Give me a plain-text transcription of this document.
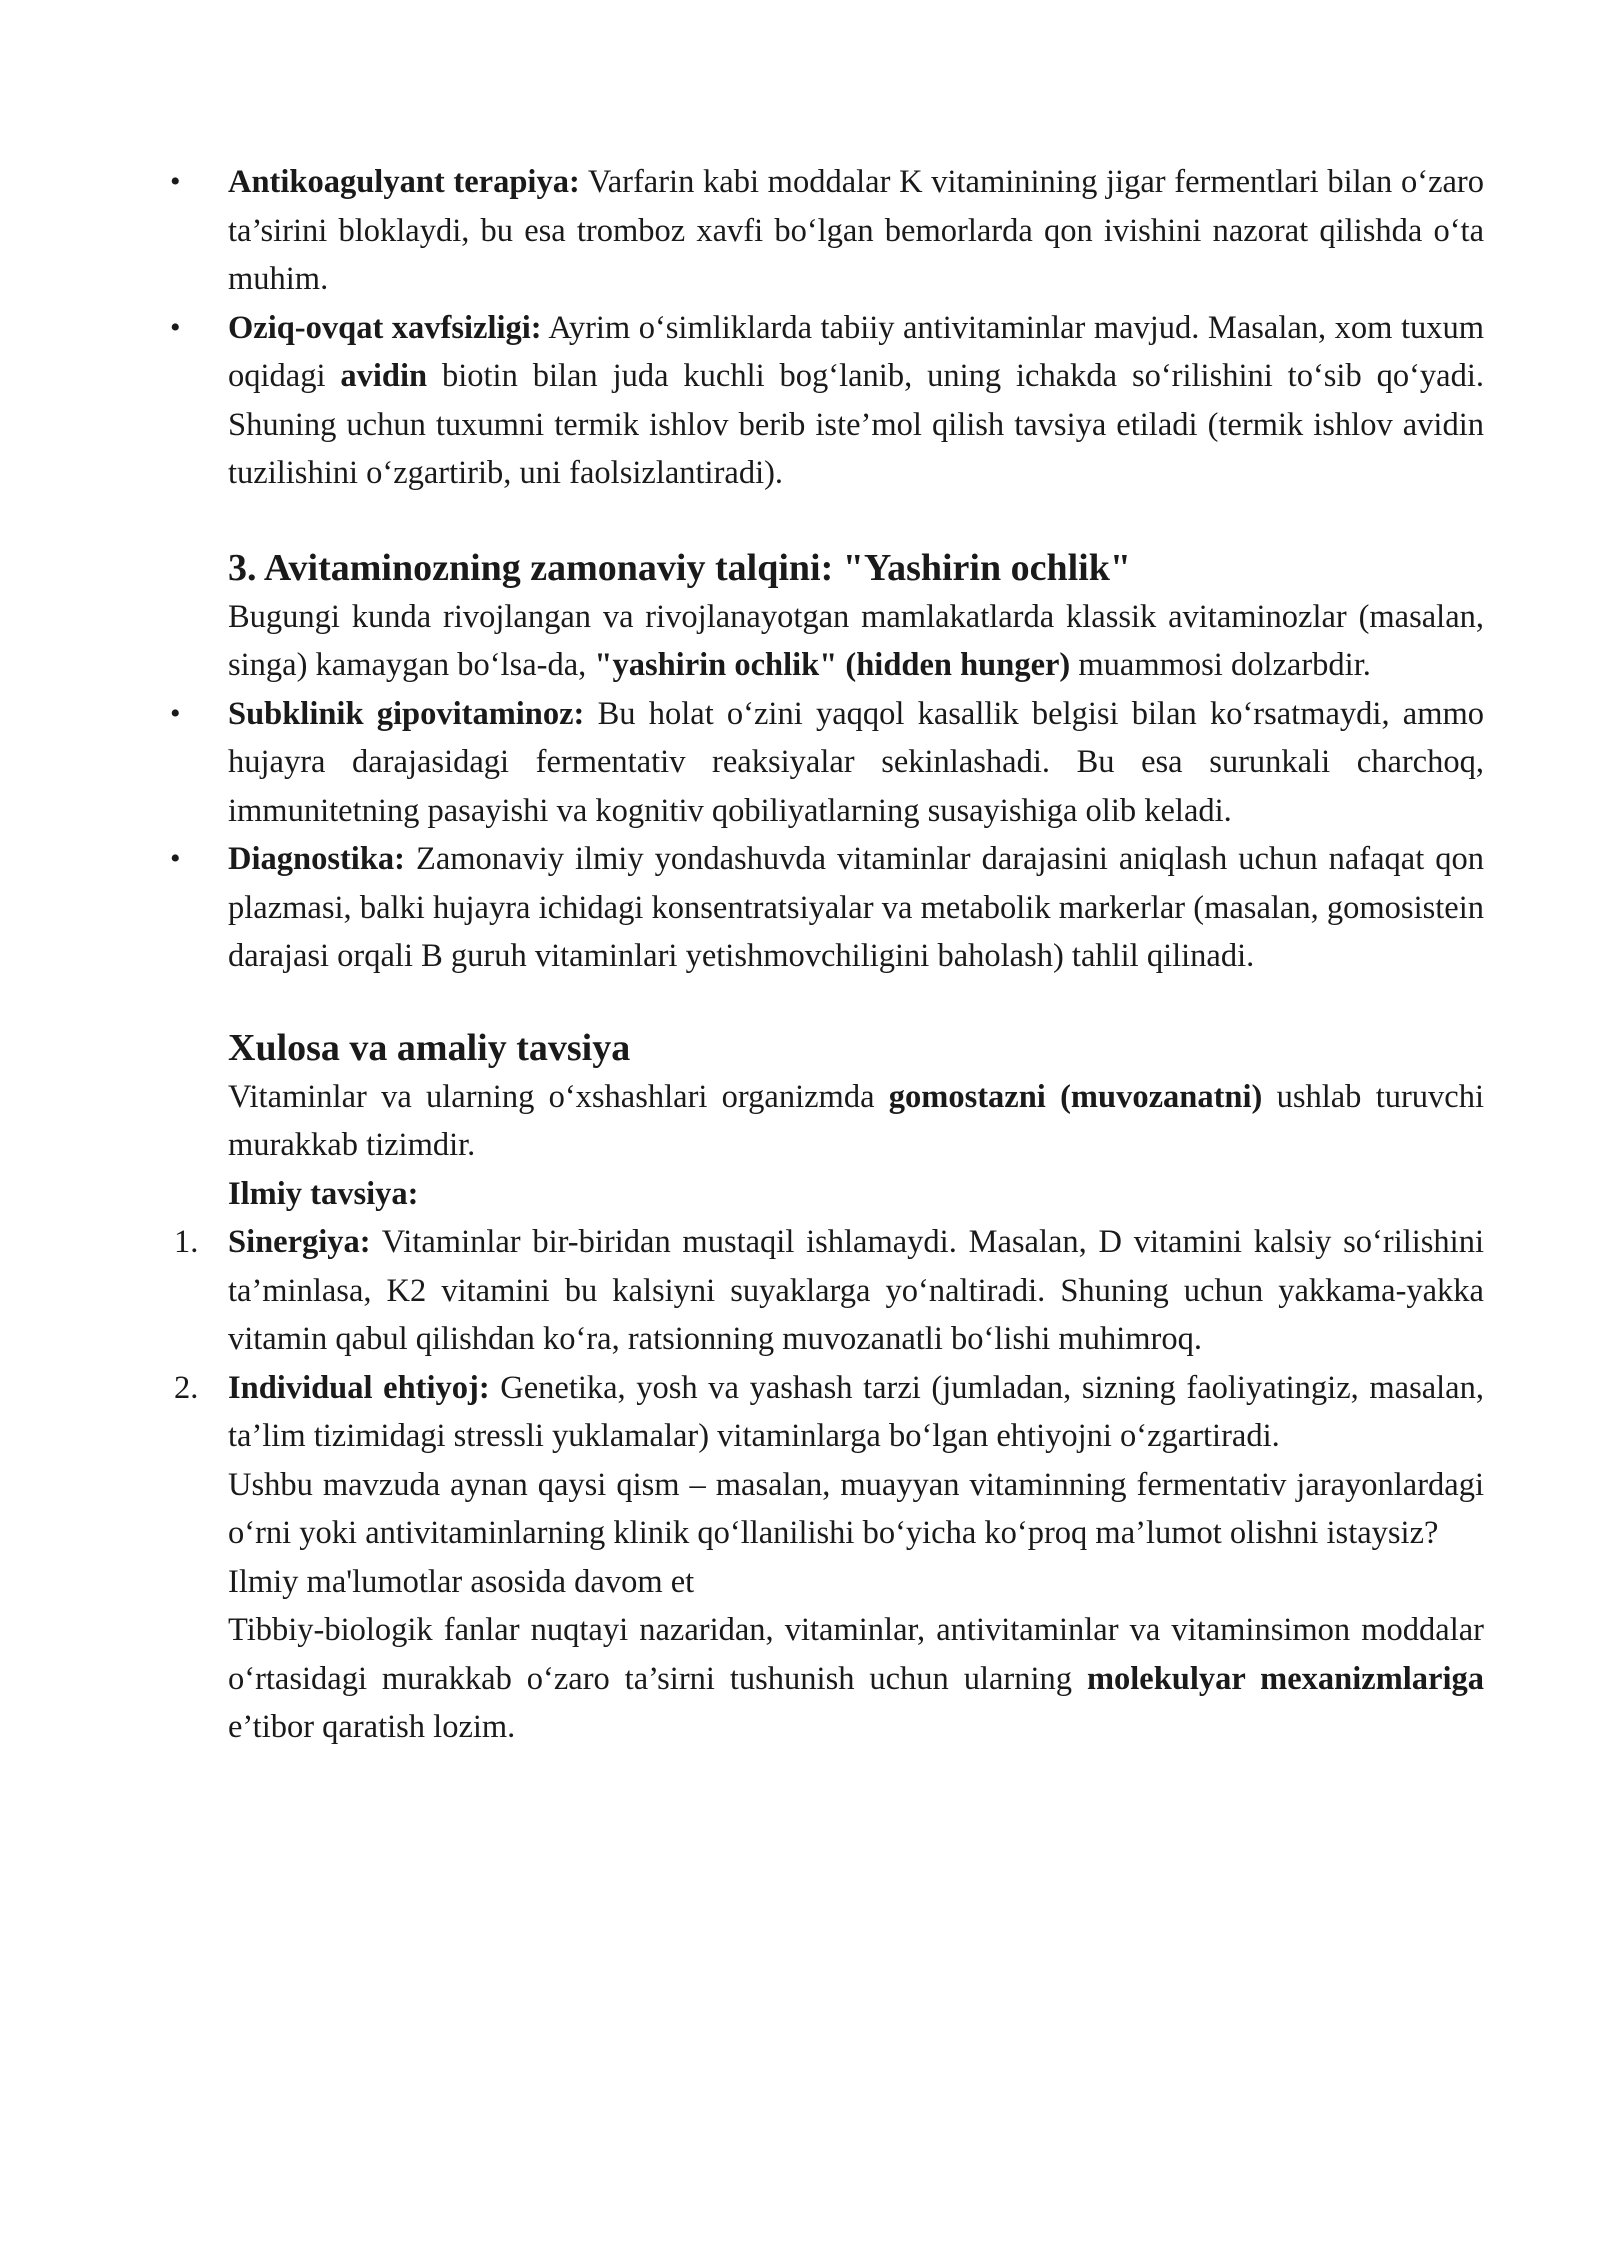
• Antikoagulyant terapiya: Varfarin kabi moddalar K vitaminining jigar fermentlari bilan o‘zaro ta’sirini bloklaydi, bu esa tromboz xavfi bo‘lgan bemorlarda qon ivishini nazorat qilishda o‘ta muhim.

• Oziq-ovqat xavfsizligi: Ayrim o‘simliklarda tabiiy antivitaminlar mavjud. Masalan, xom tuxum oqidagi avidin biotin bilan juda kuchli bog‘lanib, uning ichakda so‘rilishini to‘sib qo‘yadi. Shuning uchun tuxumni termik ishlov berib iste’mol qilish tavsiya etiladi (termik ishlov avidin tuzilishini o‘zgartirib, uni faolsizlantiradi).

3. Avitaminozning zamonaviy talqini: "Yashirin ochlik"

Bugungi kunda rivojlangan va rivojlanayotgan mamlakatlarda klassik avitaminozlar (masalan, singa) kamaygan bo‘lsa-da, "yashirin ochlik" (hidden hunger) muammosi dolzarbdir.

• Subklinik gipovitaminoz: Bu holat o‘zini yaqqol kasallik belgisi bilan ko‘rsatmaydi, ammo hujayra darajasidagi fermentativ reaksiyalar sekinlashadi. Bu esa surunkali charchoq, immunitetning pasayishi va kognitiv qobiliyatlarning susayishiga olib keladi.

• Diagnostika: Zamonaviy ilmiy yondashuvda vitaminlar darajasini aniqlash uchun nafaqat qon plazmasi, balki hujayra ichidagi konsentratsiyalar va metabolik markerlar (masalan, gomosistein darajasi orqali B guruh vitaminlari yetishmovchiligini baholash) tahlil qilinadi.

Xulosa va amaliy tavsiya

Vitaminlar va ularning o‘xshashlari organizmda gomostazni (muvozanatni) ushlab turuvchi murakkab tizimdir.

Ilmiy tavsiya:

1. Sinergiya: Vitaminlar bir-biridan mustaqil ishlamaydi. Masalan, D vitamini kalsiy so‘rilishini ta’minlasa, K2 vitamini bu kalsiyni suyaklarga yo‘naltiradi. Shuning uchun yakkama-yakka vitamin qabul qilishdan ko‘ra, ratsionning muvozanatli bo‘lishi muhimroq.

2. Individual ehtiyoj: Genetika, yosh va yashash tarzi (jumladan, sizning faoliyatingiz, masalan, ta’lim tizimidagi stressli yuklamalar) vitaminlarga bo‘lgan ehtiyojni o‘zgartiradi.

Ushbu mavzuda aynan qaysi qism – masalan, muayyan vitaminning fermentativ jarayonlardagi o‘rni yoki antivitaminlarning klinik qo‘llanilishi bo‘yicha ko‘proq ma’lumot olishni istaysiz?

Ilmiy ma'lumotlar asosida davom et

Tibbiy-biologik fanlar nuqtayi nazaridan, vitaminlar, antivitaminlar va vitaminsimon moddalar o‘rtasidagi murakkab o‘zaro ta’sirni tushunish uchun ularning molekulyar mexanizmlariga e’tibor qaratish lozim.
